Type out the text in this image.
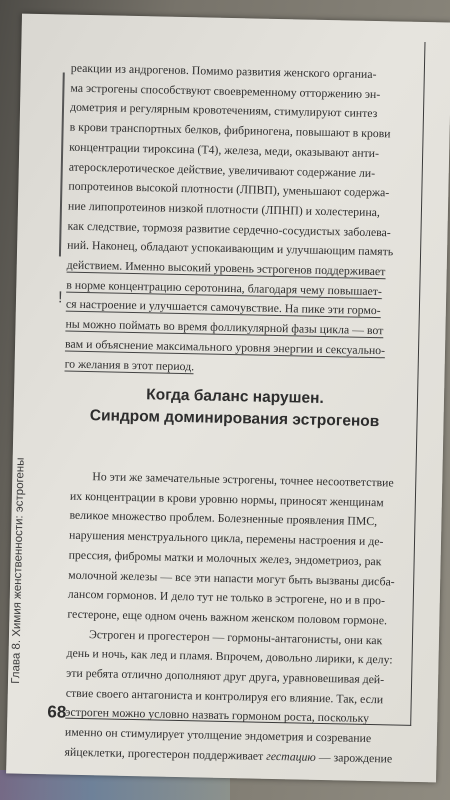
Глава 8. Химия женственности: эстрогены
68
!

реакции из андрогенов. Помимо развития женского органиа-
ма эстрогены способствуют своевременному отторжению эн-
дометрия и регулярным кровотечениям, стимулируют синтез
в крови транспортных белков, фибриногена, повышают в крови
концентрации тироксина (Т4), железа, меди, оказывают анти-
атеросклеротическое действие, увеличивают содержание ли-
попротеинов высокой плотности (ЛПВП), уменьшают содержа-
ние липопротеинов низкой плотности (ЛПНП) и холестерина,
как следствие, тормозя развитие сердечно-сосудистых заболева-
ний. Наконец, обладают успокаивающим и улучшающим память
действием. Именно высокий уровень эстрогенов поддерживает
в норме концентрацию серотонина, благодаря чему повышает-
ся настроение и улучшается самочувствие. На пике эти гормо-
ны можно поймать во время фолликулярной фазы цикла — вот
вам и объяснение максимального уровня энергии и сексуально-
го желания в этот период.

Когда баланс нарушен.
Синдром доминирования эстрогенов

Но эти же замечательные эстрогены, точнее несоответствие
их концентрации в крови уровню нормы, приносят женщинам
великое множество проблем. Болезненные проявления ПМС,
нарушения менструального цикла, перемены настроения и де-
прессия, фибромы матки и молочных желез, эндометриоз, рак
молочной железы — все эти напасти могут быть вызваны дисба-
лансом гормонов. И дело тут не только в эстрогене, но и в про-
гестероне, еще одном очень важном женском половом гормоне.

Эстроген и прогестерон — гормоны-антагонисты, они как
день и ночь, как лед и пламя. Впрочем, довольно лирики, к делу:
эти ребята отлично дополняют друг друга, уравновешивая дей-
ствие своего антагониста и контролируя его влияние. Так, если
эстроген можно условно назвать гормоном роста, поскольку
именно он стимулирует утолщение эндометрия и созревание
яйцеклетки, прогестерон поддерживает гестацию — зарождение
